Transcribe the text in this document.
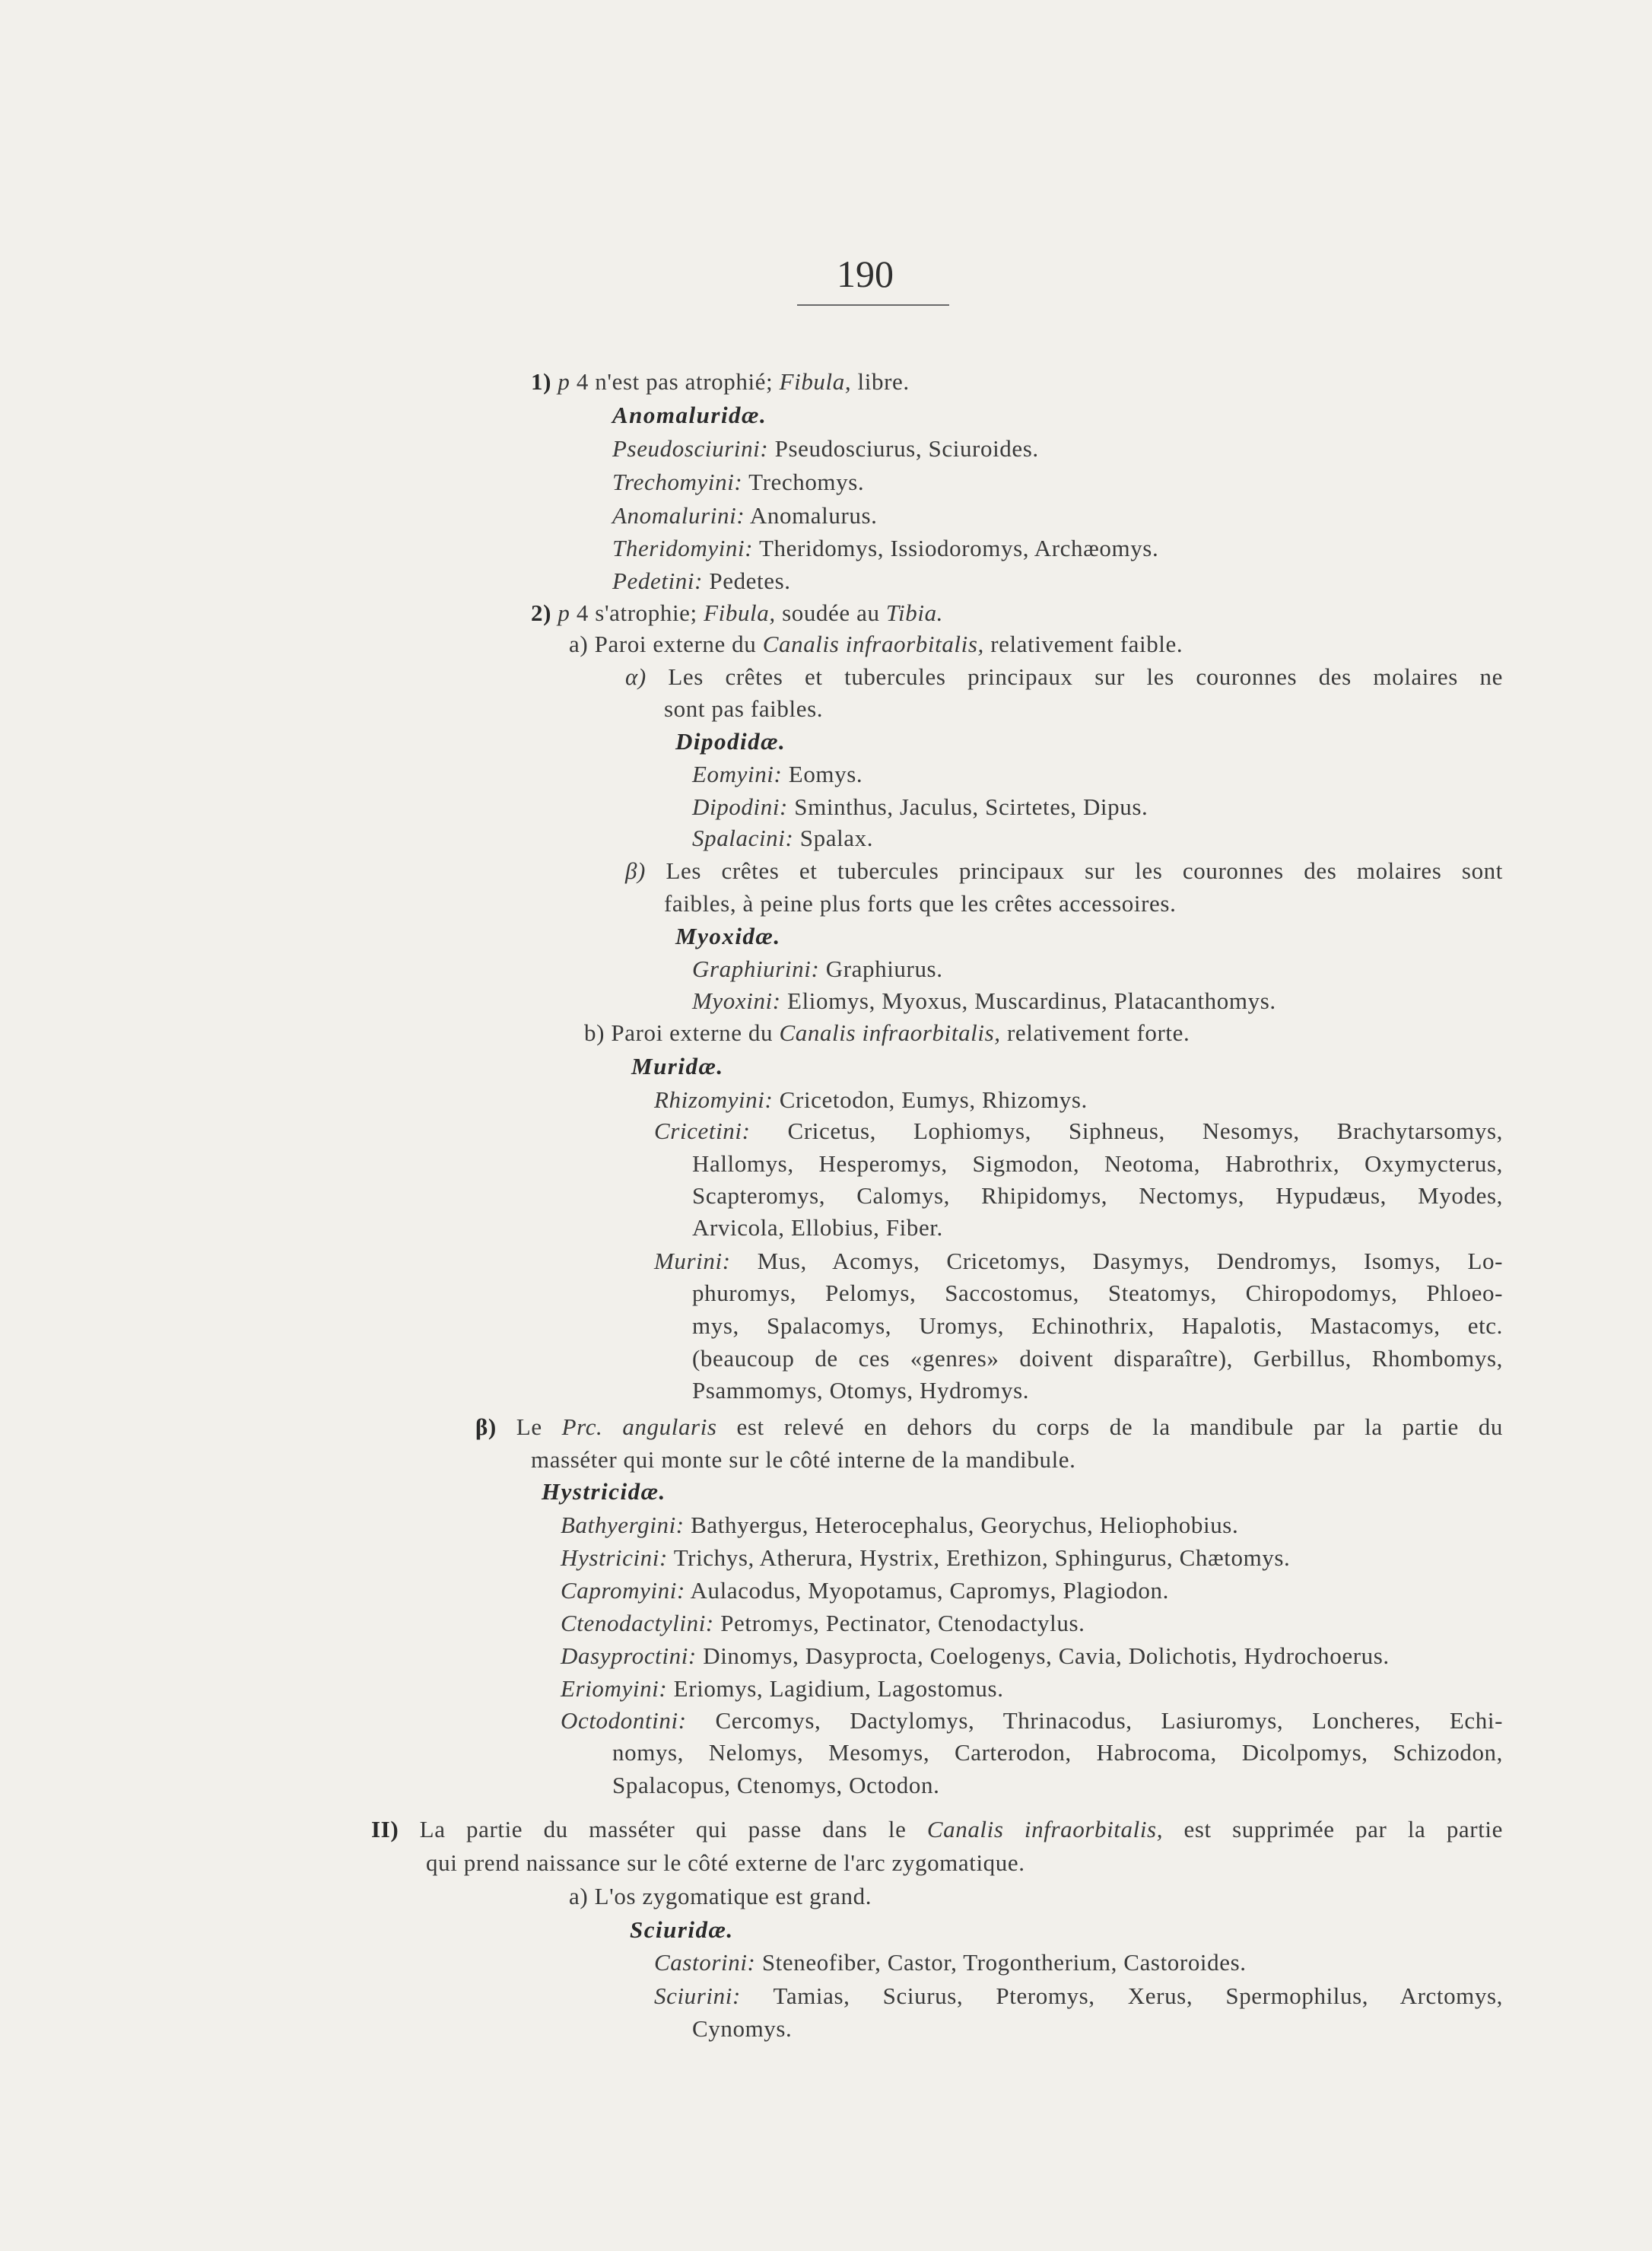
190
1) p 4 n'est pas atrophié; Fibula, libre.
Anomaluridæ.
Pseudosciurini: Pseudosciurus, Sciuroides.
Trechomyini: Trechomys.
Anomalurini: Anomalurus.
Theridomyini: Theridomys, Issiodoromys, Archæomys.
Pedetini: Pedetes.
2) p 4 s'atrophie; Fibula, soudée au Tibia.
a) Paroi externe du Canalis infraorbitalis, relativement faible.
α) Les crêtes et tubercules principaux sur les couronnes des molaires ne
sont pas faibles.
Dipodidæ.
Eomyini: Eomys.
Dipodini: Sminthus, Jaculus, Scirtetes, Dipus.
Spalacini: Spalax.
β) Les crêtes et tubercules principaux sur les couronnes des molaires sont
faibles, à peine plus forts que les crêtes accessoires.
Myoxidæ.
Graphiurini: Graphiurus.
Myoxini: Eliomys, Myoxus, Muscardinus, Platacanthomys.
b) Paroi externe du Canalis infraorbitalis, relativement forte.
Muridæ.
Rhizomyini: Cricetodon, Eumys, Rhizomys.
Cricetini: Cricetus, Lophiomys, Siphneus, Nesomys, Brachytarsomys,
Hallomys, Hesperomys, Sigmodon, Neotoma, Habrothrix, Oxymycterus,
Scapteromys, Calomys, Rhipidomys, Nectomys, Hypudæus, Myodes,
Arvicola, Ellobius, Fiber.
Murini: Mus, Acomys, Cricetomys, Dasymys, Dendromys, Isomys, Lo-
phuromys, Pelomys, Saccostomus, Steatomys, Chiropodomys, Phloeo-
mys, Spalacomys, Uromys, Echinothrix, Hapalotis, Mastacomys, etc.
(beaucoup de ces «genres» doivent disparaître), Gerbillus, Rhombomys,
Psammomys, Otomys, Hydromys.
β) Le Prc. angularis est relevé en dehors du corps de la mandibule par la partie du
masséter qui monte sur le côté interne de la mandibule.
Hystricidæ.
Bathyergini: Bathyergus, Heterocephalus, Georychus, Heliophobius.
Hystricini: Trichys, Atherura, Hystrix, Erethizon, Sphingurus, Chætomys.
Capromyini: Aulacodus, Myopotamus, Capromys, Plagiodon.
Ctenodactylini: Petromys, Pectinator, Ctenodactylus.
Dasyproctini: Dinomys, Dasyprocta, Coelogenys, Cavia, Dolichotis, Hydrochoerus.
Eriomyini: Eriomys, Lagidium, Lagostomus.
Octodontini: Cercomys, Dactylomys, Thrinacodus, Lasiuromys, Loncheres, Echi-
nomys, Nelomys, Mesomys, Carterodon, Habrocoma, Dicolpomys, Schizodon,
Spalacopus, Ctenomys, Octodon.
II) La partie du masséter qui passe dans le Canalis infraorbitalis, est supprimée par la partie
qui prend naissance sur le côté externe de l'arc zygomatique.
a) L'os zygomatique est grand.
Sciuridæ.
Castorini: Steneofiber, Castor, Trogontherium, Castoroides.
Sciurini: Tamias, Sciurus, Pteromys, Xerus, Spermophilus, Arctomys,
Cynomys.
